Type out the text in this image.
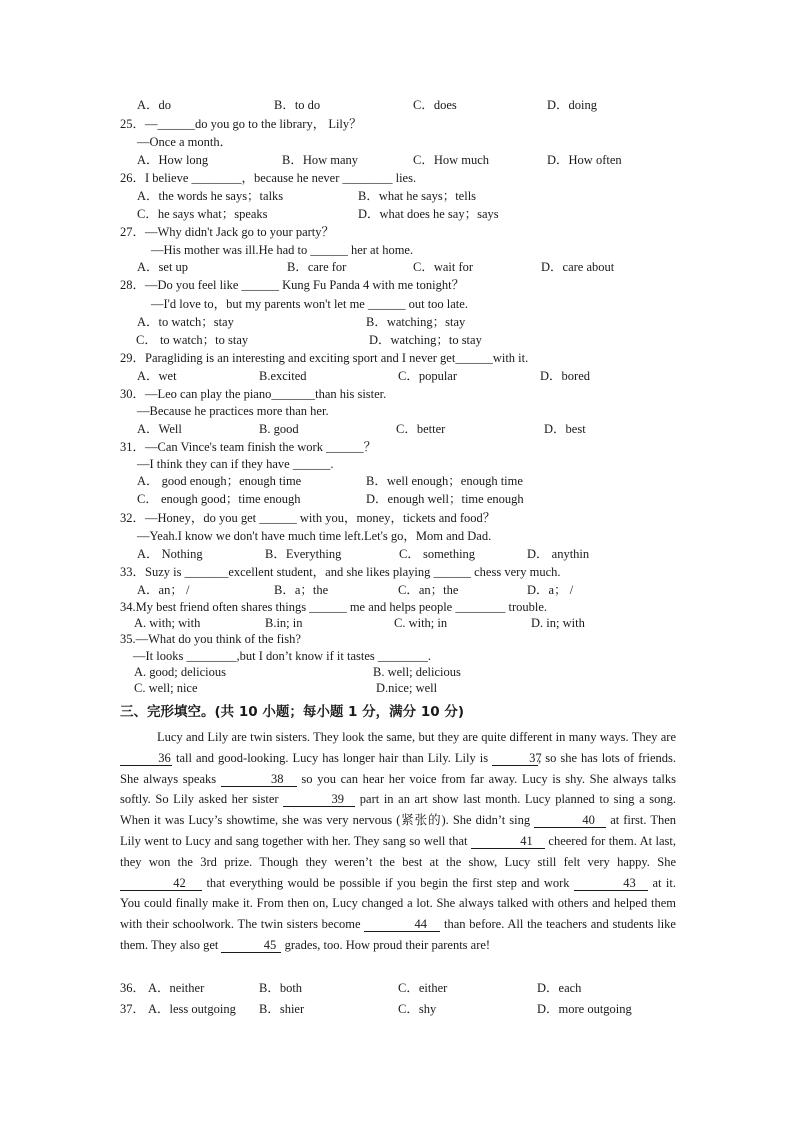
A．do	B．to do	C．does	D．doing
25．—______do you go to the library， Lily？
—Once a month．
A．How long	B．How many	C．How much	D．How often
26．I believe ________，because he never ________ lies.
A．the words he says；talks	B．what he says；tells
C．he says what；speaks	D．what does he say；says
27．—Why didn't Jack go to your party？
—His mother was ill.He had to ______ her at home.
A．set up	B．care for	C．wait for	D．care about
28．—Do you feel like ______ Kung Fu Panda 4 with me tonight？
—I'd love to，but my parents won't let me ______ out too late.
A．to watch；stay	B．watching；stay
C． to watch；to stay	D．watching；to stay
29．Paragliding is an interesting and exciting sport and I never get______with it.
A．wet	B.excited	C．popular	D．bored
30．—Leo can play the piano_______than his sister.
—Because he practices more than her.
A．Well	B. good	C．better	D．best
31．—Can Vince's team finish the work ______？
—I think they can if they have ______.
A． good enough；enough time	B．well enough；enough time
C． enough good；time enough	D．enough well；time enough
32．—Honey，do you get ______ with you，money，tickets and food？
—Yeah.I know we don't have much time left.Let's go，Mom and Dad.
A． Nothing	B．Everything	C． something	D． anythin
33．Suzy is _______excellent student，and she likes playing ______ chess very much.
A．an； /	B．a；the	C．an；the	D．a； /
34.My best friend often shares things ______ me and helps people ________ trouble.
A. with; with	B.in; in	C. with; in	D. in; with
35.—What do you think of the fish?
—It looks ________,but I don’t know if it tastes ________.
A. good; delicious	B. well; delicious
C. well; nice	D.nice; well
三、完形填空。(共 10 小题；每小题 1 分，满分 10 分)

Lucy and Lily are twin sisters. They look the same, but they are quite different in many ways. They are 36 tall and good-looking. Lucy has longer hair than Lily. Lily is	37, so she has lots of friends. She always speaks	38 so you can hear her voice from far away. Lucy is shy. She always talks softly. So Lily asked her sister	39 part in an art show last month. Lucy planned to sing a song. When it was Lucy’s showtime, she was very nervous (紧张的). She didn’t sing	40 at first. Then Lily went to Lucy and sang together with her. They sang so well that	41 cheered for them. At last, they won the 3rd prize. Though they weren’t the best at the show, Lucy still felt very happy. She 42 that everything would be possible if you begin the first step and work	43 at it. You could finally make it. From then on, Lucy changed a lot. She always talked with others and helped them with their schoolwork. The twin sisters become	44 than before. All the teachers and students like them. They also get	45 grades, too. How proud their parents are!

36． A．neither	B．both	C．either	D．each
37． A．less outgoing B．shier	C．shy	D．more outgoing
